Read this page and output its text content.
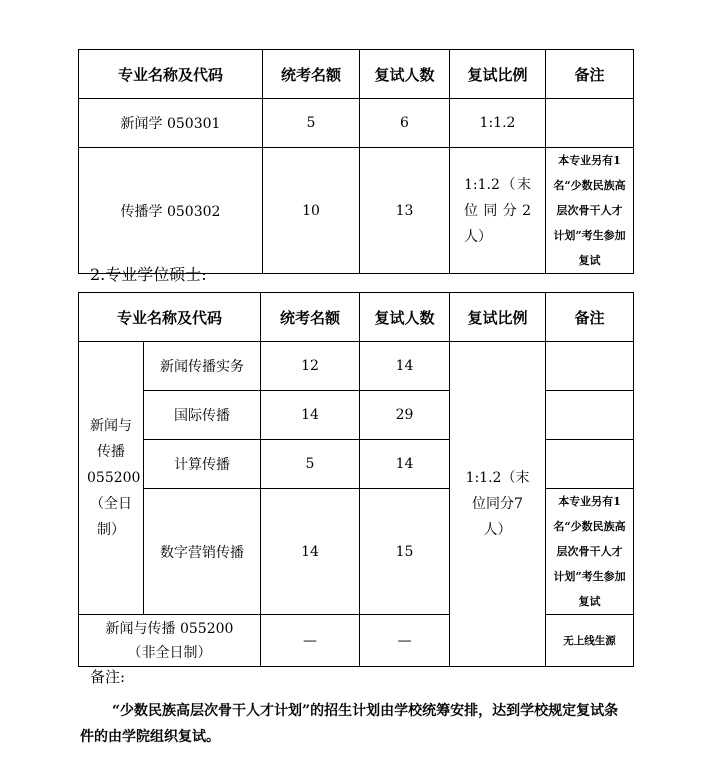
专业名称及代码	统考名额	复试人数	复试比例	备注
新闻学 050301	5	6	1:1.2	
传播学 050302	10	13	1:1.2（末位同分2人）	本专业另有1名“少数民族高层次骨干人才计划”考生参加复试
2.专业学位硕士:
专业名称及代码		统考名额	复试人数	复试比例	备注
新闻与传播055200（全日制）	新闻传播实务	12	14	1:1.2（末位同分7人）	
	国际传播	14	29		
	计算传播	5	14		
	数字营销传播	14	15		本专业另有1名“少数民族高层次骨干人才计划”考生参加复试

新闻与传播 055200
（非全日制）		—	—		无上线生源
备注:
“少数民族高层次骨干人才计划”的招生计划由学校统筹安排，达到学校规定复试条件的由学院组织复试。
